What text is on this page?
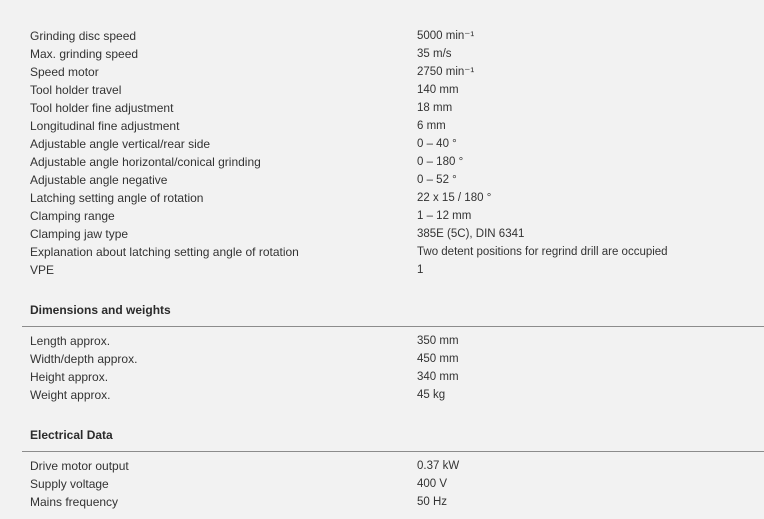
Grinding disc speed	5000 min⁻¹
Max. grinding speed	35 m/s
Speed motor	2750 min⁻¹
Tool holder travel	140 mm
Tool holder fine adjustment	18 mm
Longitudinal fine adjustment	6 mm
Adjustable angle vertical/rear side	0 – 40 °
Adjustable angle horizontal/conical grinding	0 – 180 °
Adjustable angle negative	0 – 52 °
Latching setting angle of rotation	22 x 15 / 180 °
Clamping range	1 – 12 mm
Clamping jaw type	385E (5C), DIN 6341
Explanation about latching setting angle of rotation	Two detent positions for regrind drill are occupied
VPE	1
Dimensions and weights
Length approx.	350 mm
Width/depth approx.	450 mm
Height approx.	340 mm
Weight approx.	45 kg
Electrical Data
Drive motor output	0.37 kW
Supply voltage	400 V
Mains frequency	50 Hz
